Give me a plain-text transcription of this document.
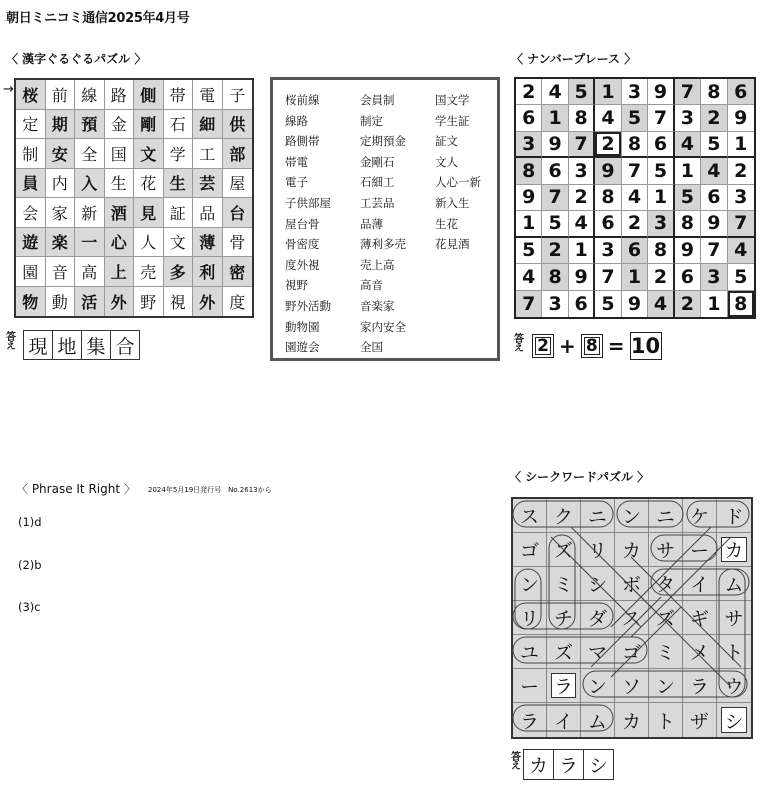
朝日ミニコミ通信2025年4月号
〈 漢字ぐるぐるパズル 〉
→ 桜 前 線 路 側 帯 電 子
定 期 預 金 剛 石 細 供
制 安 全 国 文 学 工 部
員 内 入 生 花 生 芸 屋
会 家 新 酒 見 証 品 台
遊 楽 一 心 人 文 薄 骨
園 音 高 上 売 多 利 密
物 動 活 外 野 視 外 度
答え 現 地 集 合
桜前線
線路
路側帯
帯電
電子
子供部屋
屋台骨
骨密度
度外視
視野
野外活動
動物園
園遊会
会員制
制定
定期預金
金剛石
石細工
工芸品
品薄
薄利多売
売上高
高音
音楽家
家内安全
全国
国文学
学生証
証文
文人
人心一新
新入生
生花
花見酒
〈 ナンバープレース 〉
2 4 5 1 3 9 7 8 6
6 1 8 4 5 7 3 2 9
3 9 7 2 8 6 4 5 1
8 6 3 9 7 5 1 4 2
9 7 2 8 4 1 5 6 3
1 5 4 6 2 3 8 9 7
5 2 1 3 6 8 9 7 4
4 8 9 7 1 2 6 3 5
7 3 6 5 9 4 2 1 8
答え 2 + 8 = 10
〈 Phrase It Right 〉 2024年5月19日発行号　No.2613から
(1)d
(2)b
(3)c
〈 シークワードパズル 〉
ス ク ニ ン ニ ケ ド
ゴ ズ リ カ サ ー カ
ン ミ シ ボ タ イ ム
リ チ ダ ス ズ ギ サ
ユ ズ マ ゴ ミ メ ト
ー ラ ン ソ ン ラ ウ
ラ イ ム カ ト ザ シ
答え カ ラ シ
